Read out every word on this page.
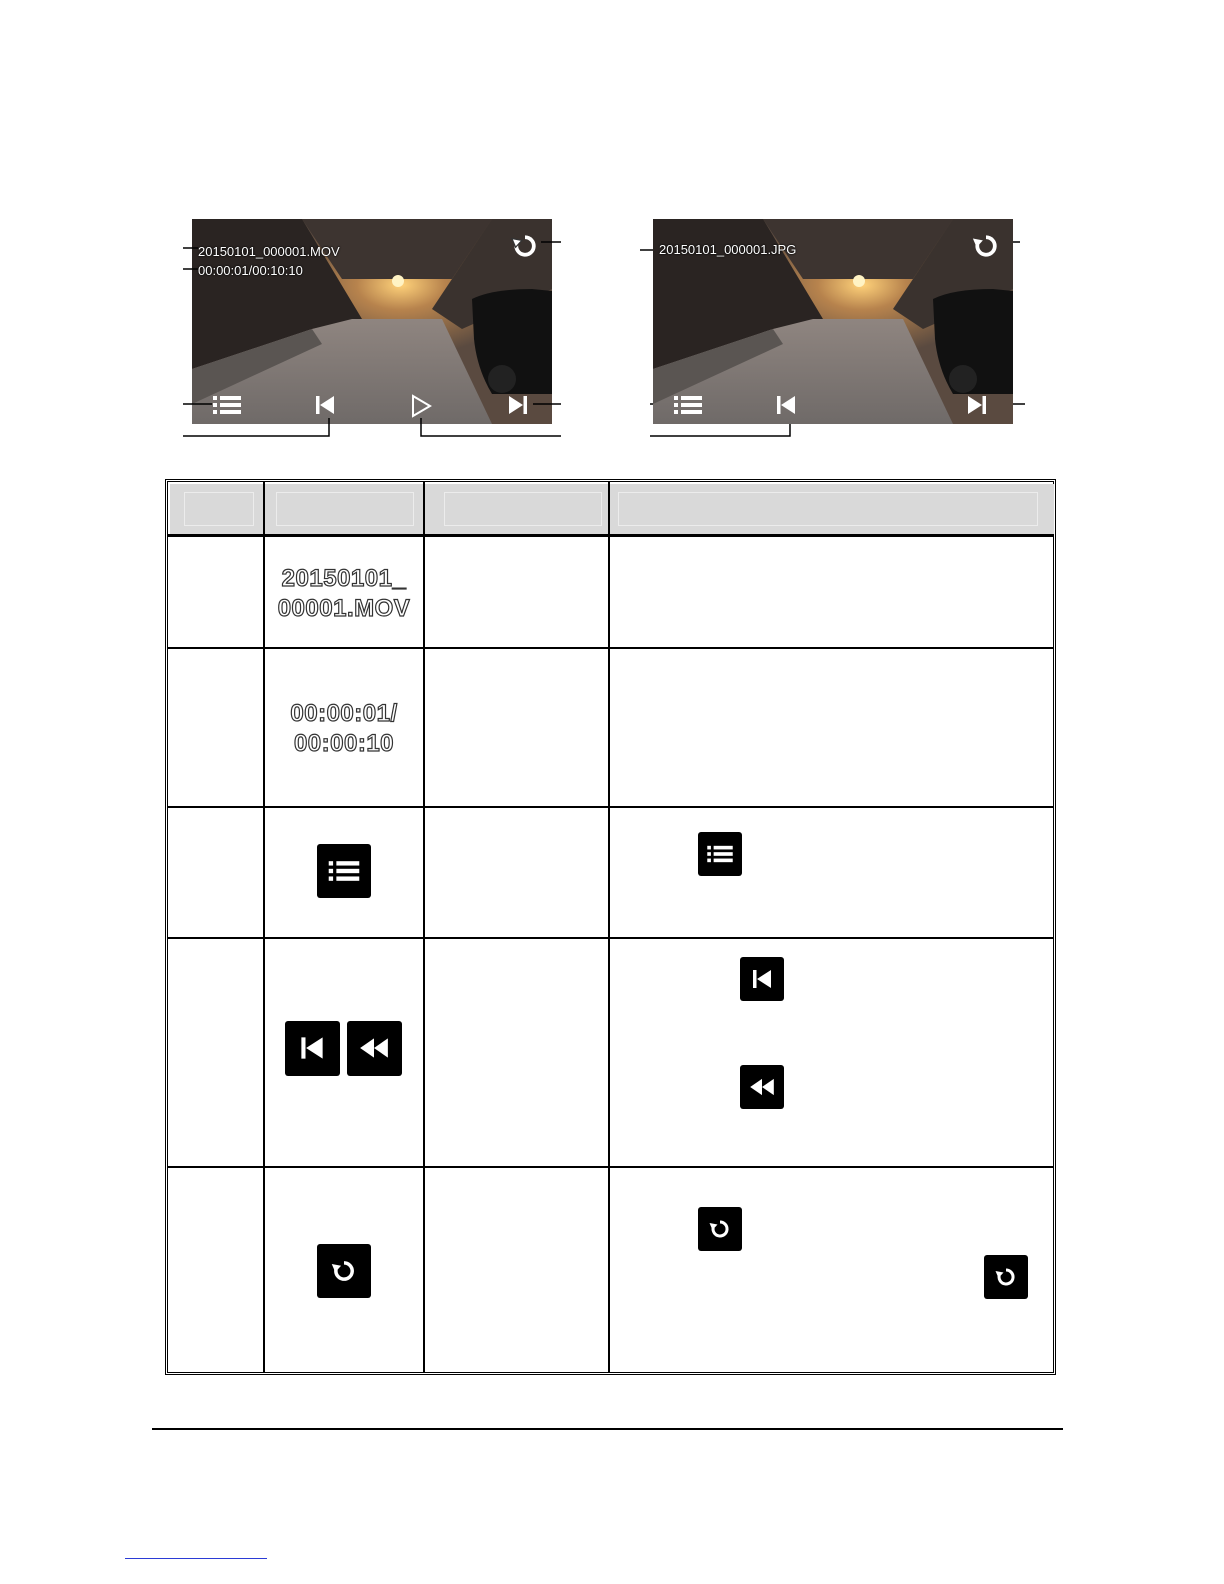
20150101_000001.MOV
00:00:01/00:10:10
20150101_000001.JPG
20150101_
00001.MOV
00:00:01/
00:00:10
